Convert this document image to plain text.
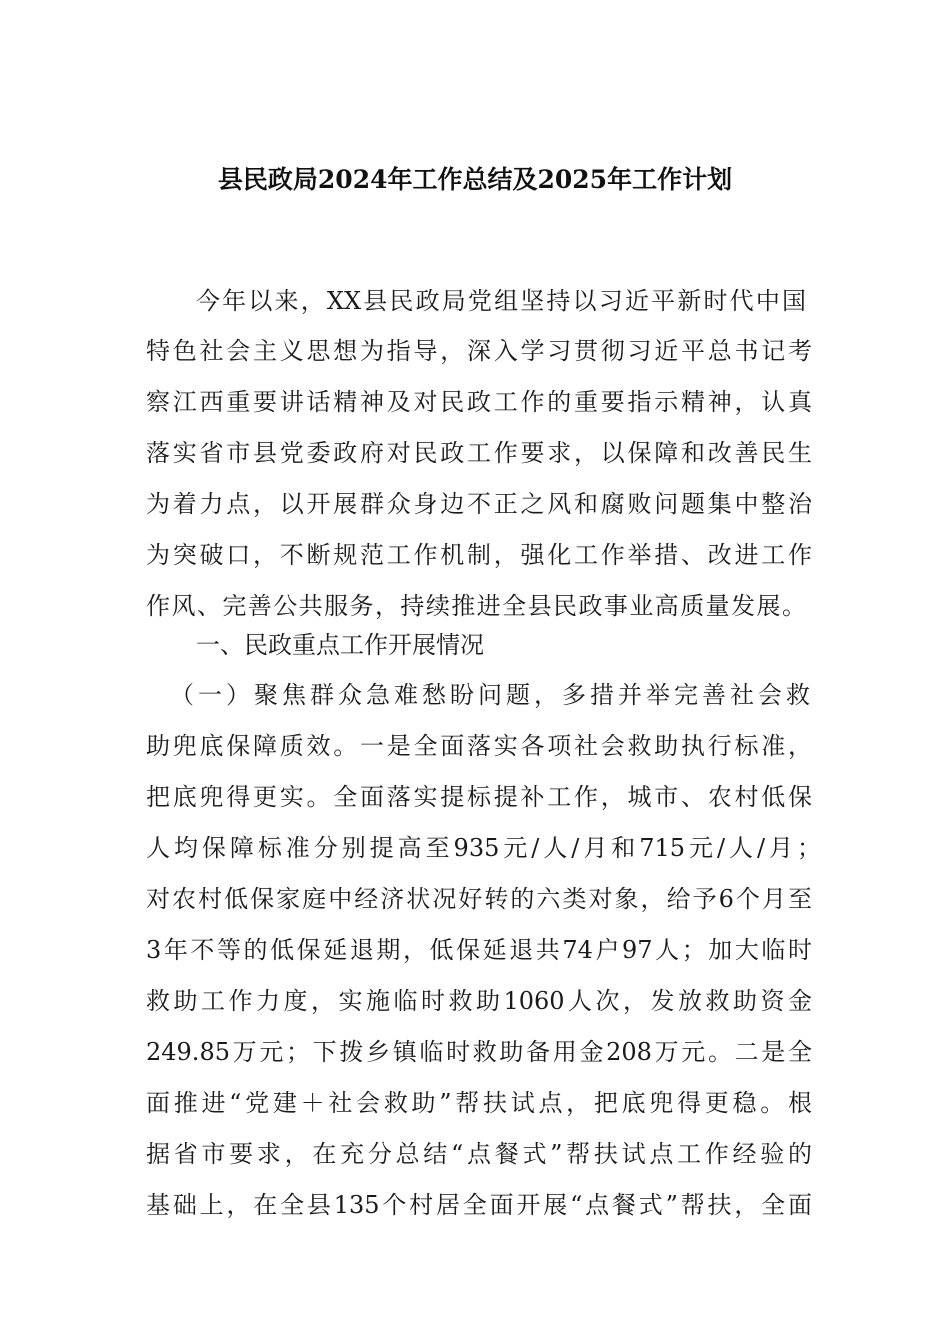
县民政局2024年工作总结及2025年工作计划

今年以来，XX县民政局党组坚持以习近平新时代中国

特色社会主义思想为指导，深入学习贯彻习近平总书记考

察江西重要讲话精神及对民政工作的重要指示精神，认真

落实省市县党委政府对民政工作要求，以保障和改善民生

为着力点，以开展群众身边不正之风和腐败问题集中整治

为突破口，不断规范工作机制，强化工作举措、改进工作

作风、完善公共服务，持续推进全县民政事业高质量发展。

一、民政重点工作开展情况

（一）聚焦群众急难愁盼问题，多措并举完善社会救

助兜底保障质效。一是全面落实各项社会救助执行标准，

把底兜得更实。全面落实提标提补工作，城市、农村低保

人均保障标准分别提高至935元/人/月和715元/人/月；

对农村低保家庭中经济状况好转的六类对象，给予6个月至

3年不等的低保延退期，低保延退共74户97人；加大临时

救助工作力度，实施临时救助1060人次，发放救助资金

249.85万元；下拨乡镇临时救助备用金208万元。二是全

面推进“党建＋社会救助”帮扶试点，把底兜得更稳。根

据省市要求，在充分总结“点餐式”帮扶试点工作经验的

基础上，在全县135个村居全面开展“点餐式”帮扶，全面
